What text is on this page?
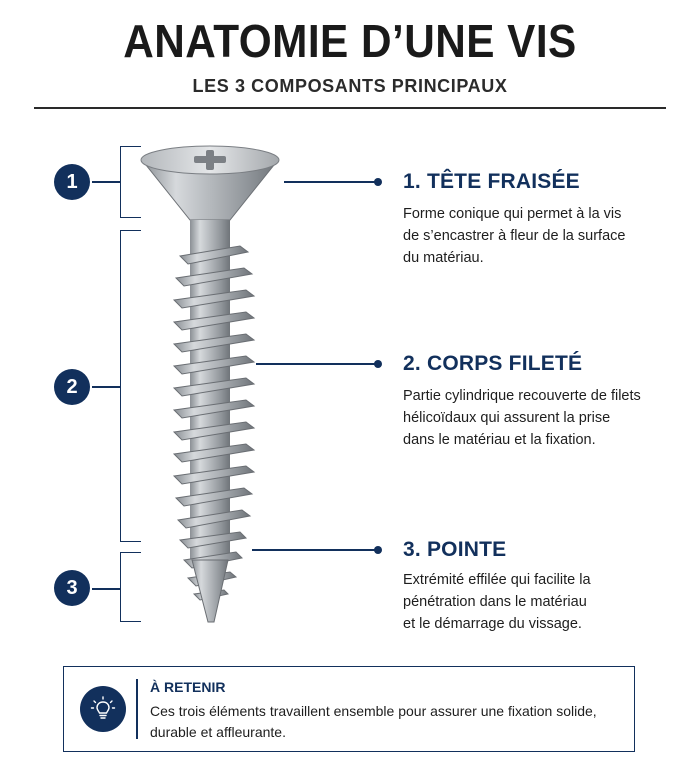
ANATOMIE D’UNE VIS
LES 3 COMPOSANTS PRINCIPAUX
1
2
3
1. TÊTE FRAISÉE
Forme conique qui permet à la vis
de s’encastrer à fleur de la surface
du matériau.
2. CORPS FILETÉ
Partie cylindrique recouverte de filets
hélicoïdaux qui assurent la prise
dans le matériau et la fixation.
3. POINTE
Extrémité effilée qui facilite la
pénétration dans le matériau
et le démarrage du vissage.
À RETENIR
Ces trois éléments travaillent ensemble pour assurer une fixation solide,
durable et affleurante.
